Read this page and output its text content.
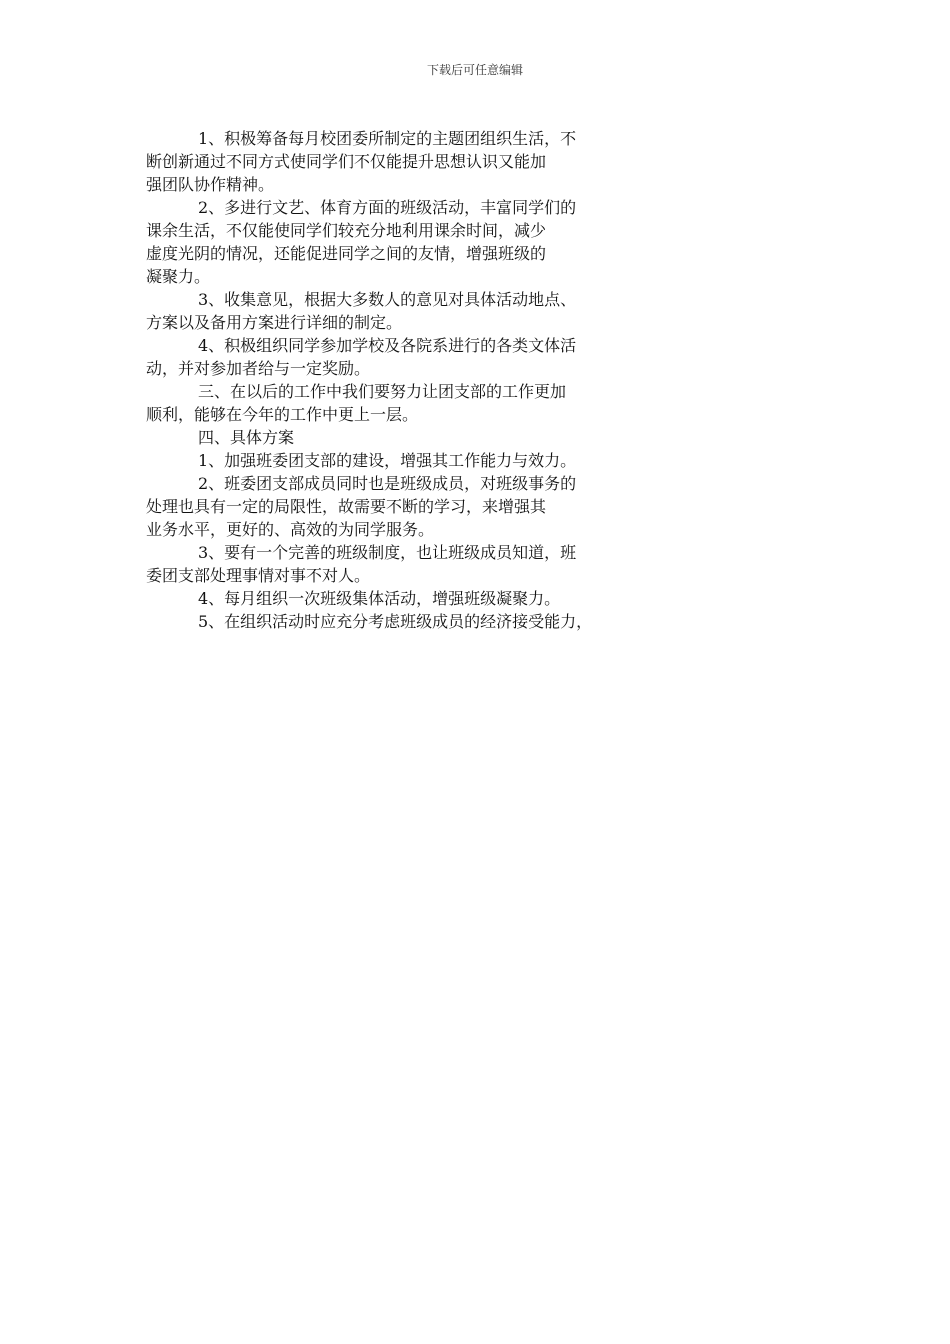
下载后可任意编辑
1、积极筹备每月校团委所制定的主题团组织生活，不
断创新通过不同方式使同学们不仅能提升思想认识又能加
强团队协作精神。
2、多进行文艺、体育方面的班级活动，丰富同学们的
课余生活，不仅能使同学们较充分地利用课余时间，减少
虚度光阴的情况，还能促进同学之间的友情，增强班级的
凝聚力。
3、收集意见，根据大多数人的意见对具体活动地点、
方案以及备用方案进行详细的制定。
4、积极组织同学参加学校及各院系进行的各类文体活
动，并对参加者给与一定奖励。
三、在以后的工作中我们要努力让团支部的工作更加
顺利，能够在今年的工作中更上一层。
四、具体方案
1、加强班委团支部的建设，增强其工作能力与效力。
2、班委团支部成员同时也是班级成员，对班级事务的
处理也具有一定的局限性，故需要不断的学习，来增强其
业务水平，更好的、高效的为同学服务。
3、要有一个完善的班级制度，也让班级成员知道，班
委团支部处理事情对事不对人。
4、每月组织一次班级集体活动，增强班级凝聚力。
5、在组织活动时应充分考虑班级成员的经济接受能力，
